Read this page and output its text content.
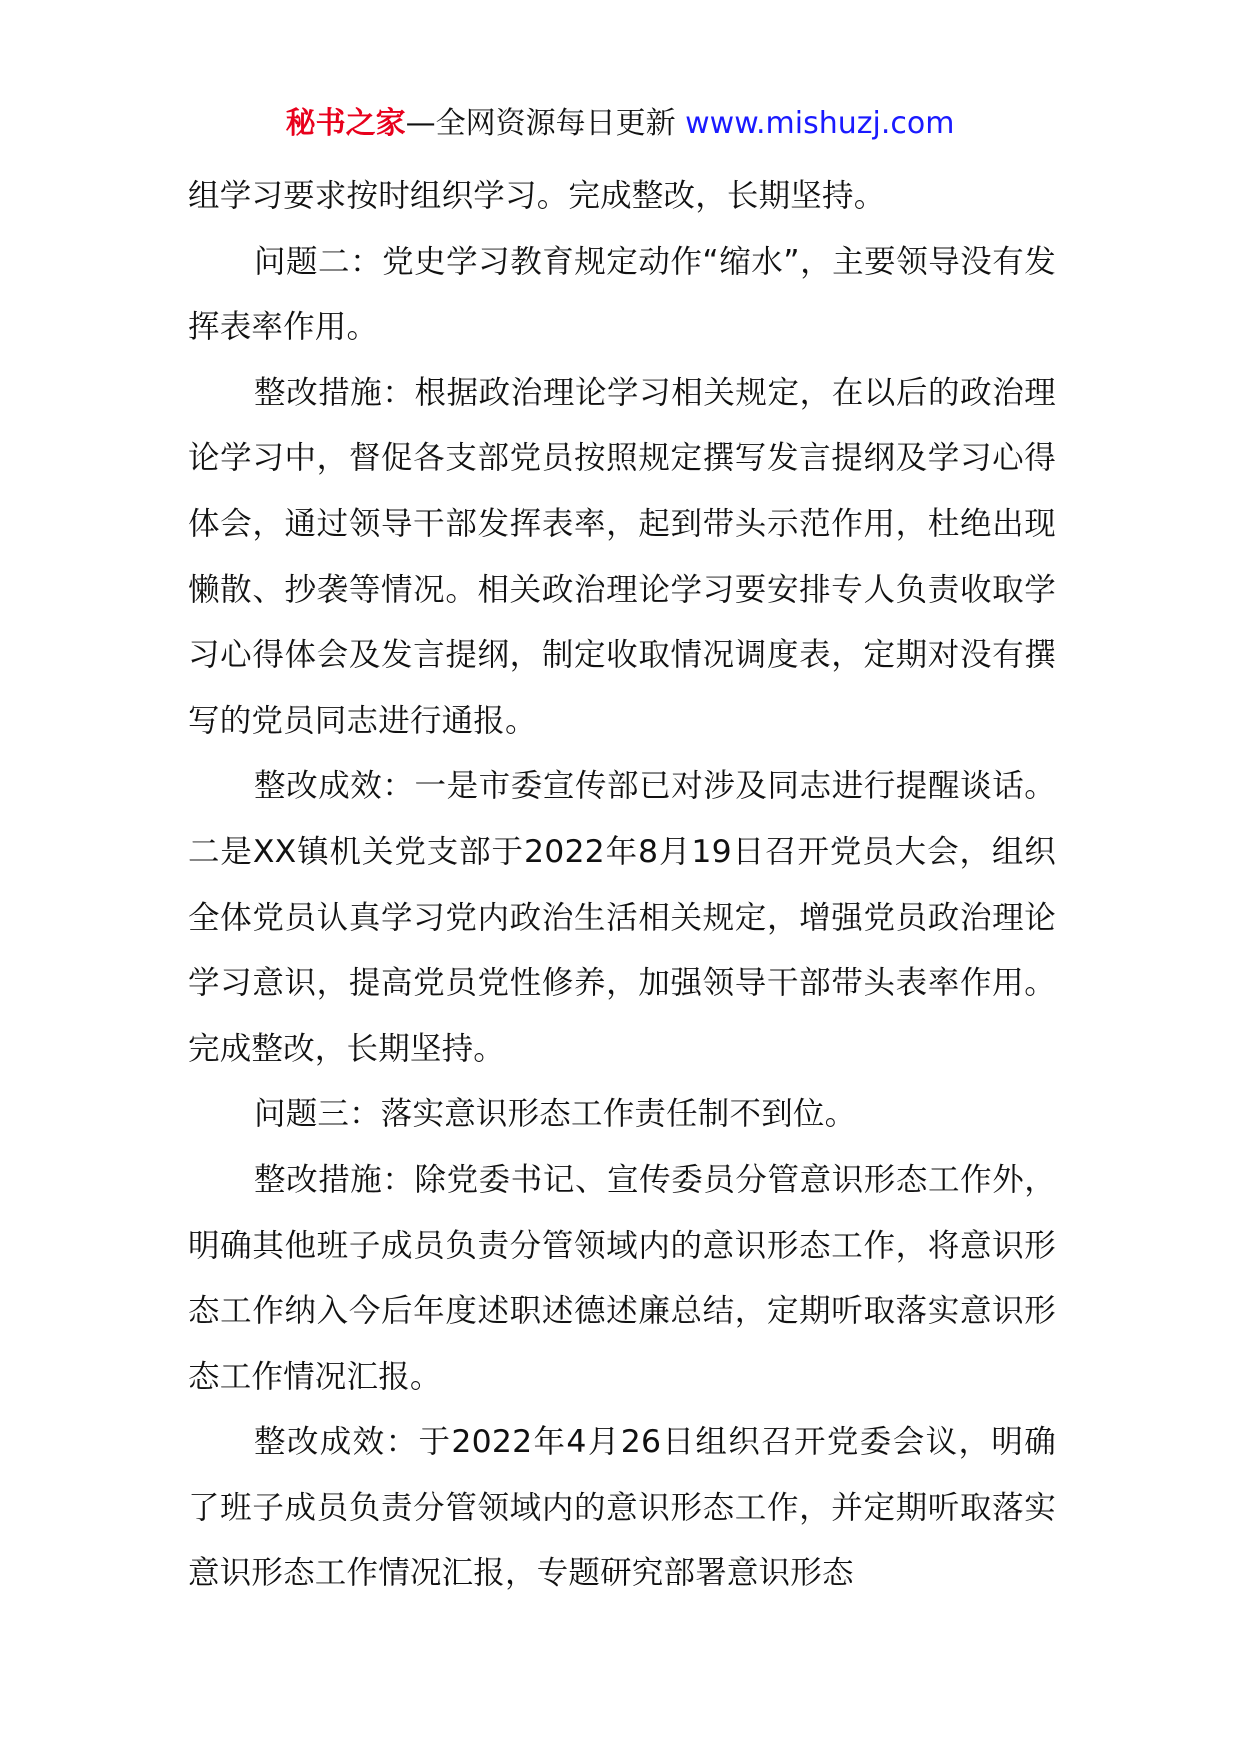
秘书之家—全网资源每日更新 www.mishuzj.com

组学习要求按时组织学习。完成整改，长期坚持。

问题二：党史学习教育规定动作“缩水”，主要领导没有发挥表率作用。

整改措施：根据政治理论学习相关规定，在以后的政治理论学习中，督促各支部党员按照规定撰写发言提纲及学习心得体会，通过领导干部发挥表率，起到带头示范作用，杜绝出现懒散、抄袭等情况。相关政治理论学习要安排专人负责收取学习心得体会及发言提纲，制定收取情况调度表，定期对没有撰写的党员同志进行通报。

整改成效：一是市委宣传部已对涉及同志进行提醒谈话。二是XX镇机关党支部于2022年8月19日召开党员大会，组织全体党员认真学习党内政治生活相关规定，增强党员政治理论学习意识，提高党员党性修养，加强领导干部带头表率作用。完成整改，长期坚持。

问题三：落实意识形态工作责任制不到位。

整改措施：除党委书记、宣传委员分管意识形态工作外，明确其他班子成员负责分管领域内的意识形态工作，将意识形态工作纳入今后年度述职述德述廉总结，定期听取落实意识形态工作情况汇报。

整改成效：于2022年4月26日组织召开党委会议，明确了班子成员负责分管领域内的意识形态工作，并定期听取落实意识形态工作情况汇报，专题研究部署意识形态
